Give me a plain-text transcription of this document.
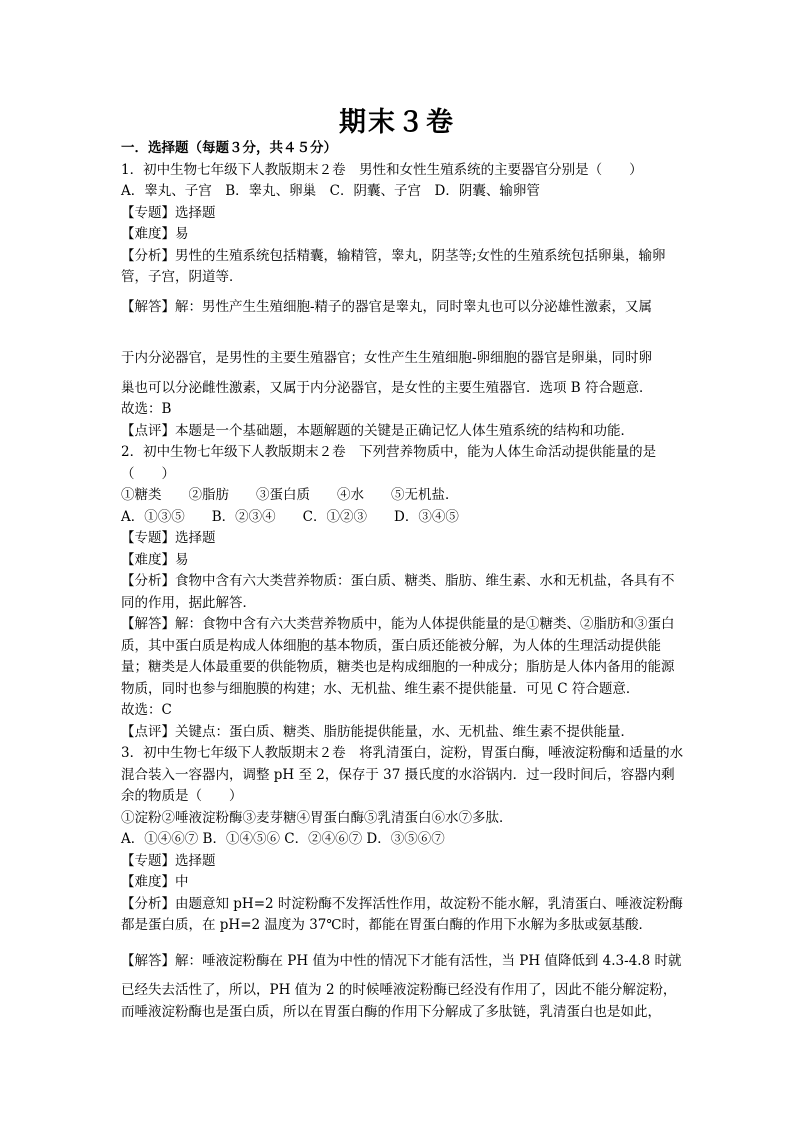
期末３卷
一．选择题（每题３分，共４５分）
1．初中生物七年级下人教版期末２卷　男性和女性生殖系统的主要器官分别是（　　）
A．睾丸、子宫　B．睾丸、卵巢　C．阴囊、子宫　D．阴囊、输卵管
【专题】选择题
【难度】易
【分析】男性的生殖系统包括精囊，输精管，睾丸，阴茎等;女性的生殖系统包括卵巢，输卵管，子宫，阴道等．
【解答】解：男性产生生殖细胞-精子的器官是睾丸，同时睾丸也可以分泌雄性激素，又属
于内分泌器官，是男性的主要生殖器官；女性产生生殖细胞-卵细胞的器官是卵巢，同时卵
巢也可以分泌雌性激素，又属于内分泌器官，是女性的主要生殖器官．选项 B 符合题意．
故选：B
【点评】本题是一个基础题，本题解题的关键是正确记忆人体生殖系统的结构和功能．
2．初中生物七年级下人教版期末２卷　下列营养物质中，能为人体生命活动提供能量的是（　　）
①糖类　　②脂肪　　③蛋白质　　④水　　⑤无机盐．
A．①③⑤　　B．②③④　　C．①②③　　D．③④⑤
【专题】选择题
【难度】易
【分析】食物中含有六大类营养物质：蛋白质、糖类、脂肪、维生素、水和无机盐，各具有不同的作用，据此解答．
【解答】解：食物中含有六大类营养物质中，能为人体提供能量的是①糖类、②脂肪和③蛋白质，其中蛋白质是构成人体细胞的基本物质，蛋白质还能被分解，为人体的生理活动提供能量；糖类是人体最重要的供能物质，糖类也是构成细胞的一种成分；脂肪是人体内备用的能源物质，同时也参与细胞膜的构建；水、无机盐、维生素不提供能量．可见 C 符合题意．
故选：C
【点评】关键点：蛋白质、糖类、脂肪能提供能量，水、无机盐、维生素不提供能量．
3．初中生物七年级下人教版期末２卷　将乳清蛋白，淀粉，胃蛋白酶，唾液淀粉酶和适量的水混合装入一容器内，调整 pH 至 2，保存于 37 摄氏度的水浴锅内．过一段时间后，容器内剩余的物质是（　　）
①淀粉②唾液淀粉酶③麦芽糖④胃蛋白酶⑤乳清蛋白⑥水⑦多肽．
A．①④⑥⑦ B．①④⑤⑥ C．②④⑥⑦ D．③⑤⑥⑦
【专题】选择题
【难度】中
【分析】由题意知 pH=2 时淀粉酶不发挥活性作用，故淀粉不能水解，乳清蛋白、唾液淀粉酶都是蛋白质，在 pH=2 温度为 37℃时，都能在胃蛋白酶的作用下水解为多肽或氨基酸．
【解答】解：唾液淀粉酶在 PH 值为中性的情况下才能有活性，当 PH 值降低到 4.3-4.8 时就
已经失去活性了，所以，PH 值为 2 的时候唾液淀粉酶已经没有作用了，因此不能分解淀粉，而唾液淀粉酶也是蛋白质，所以在胃蛋白酶的作用下分解成了多肽链，乳清蛋白也是如此，
